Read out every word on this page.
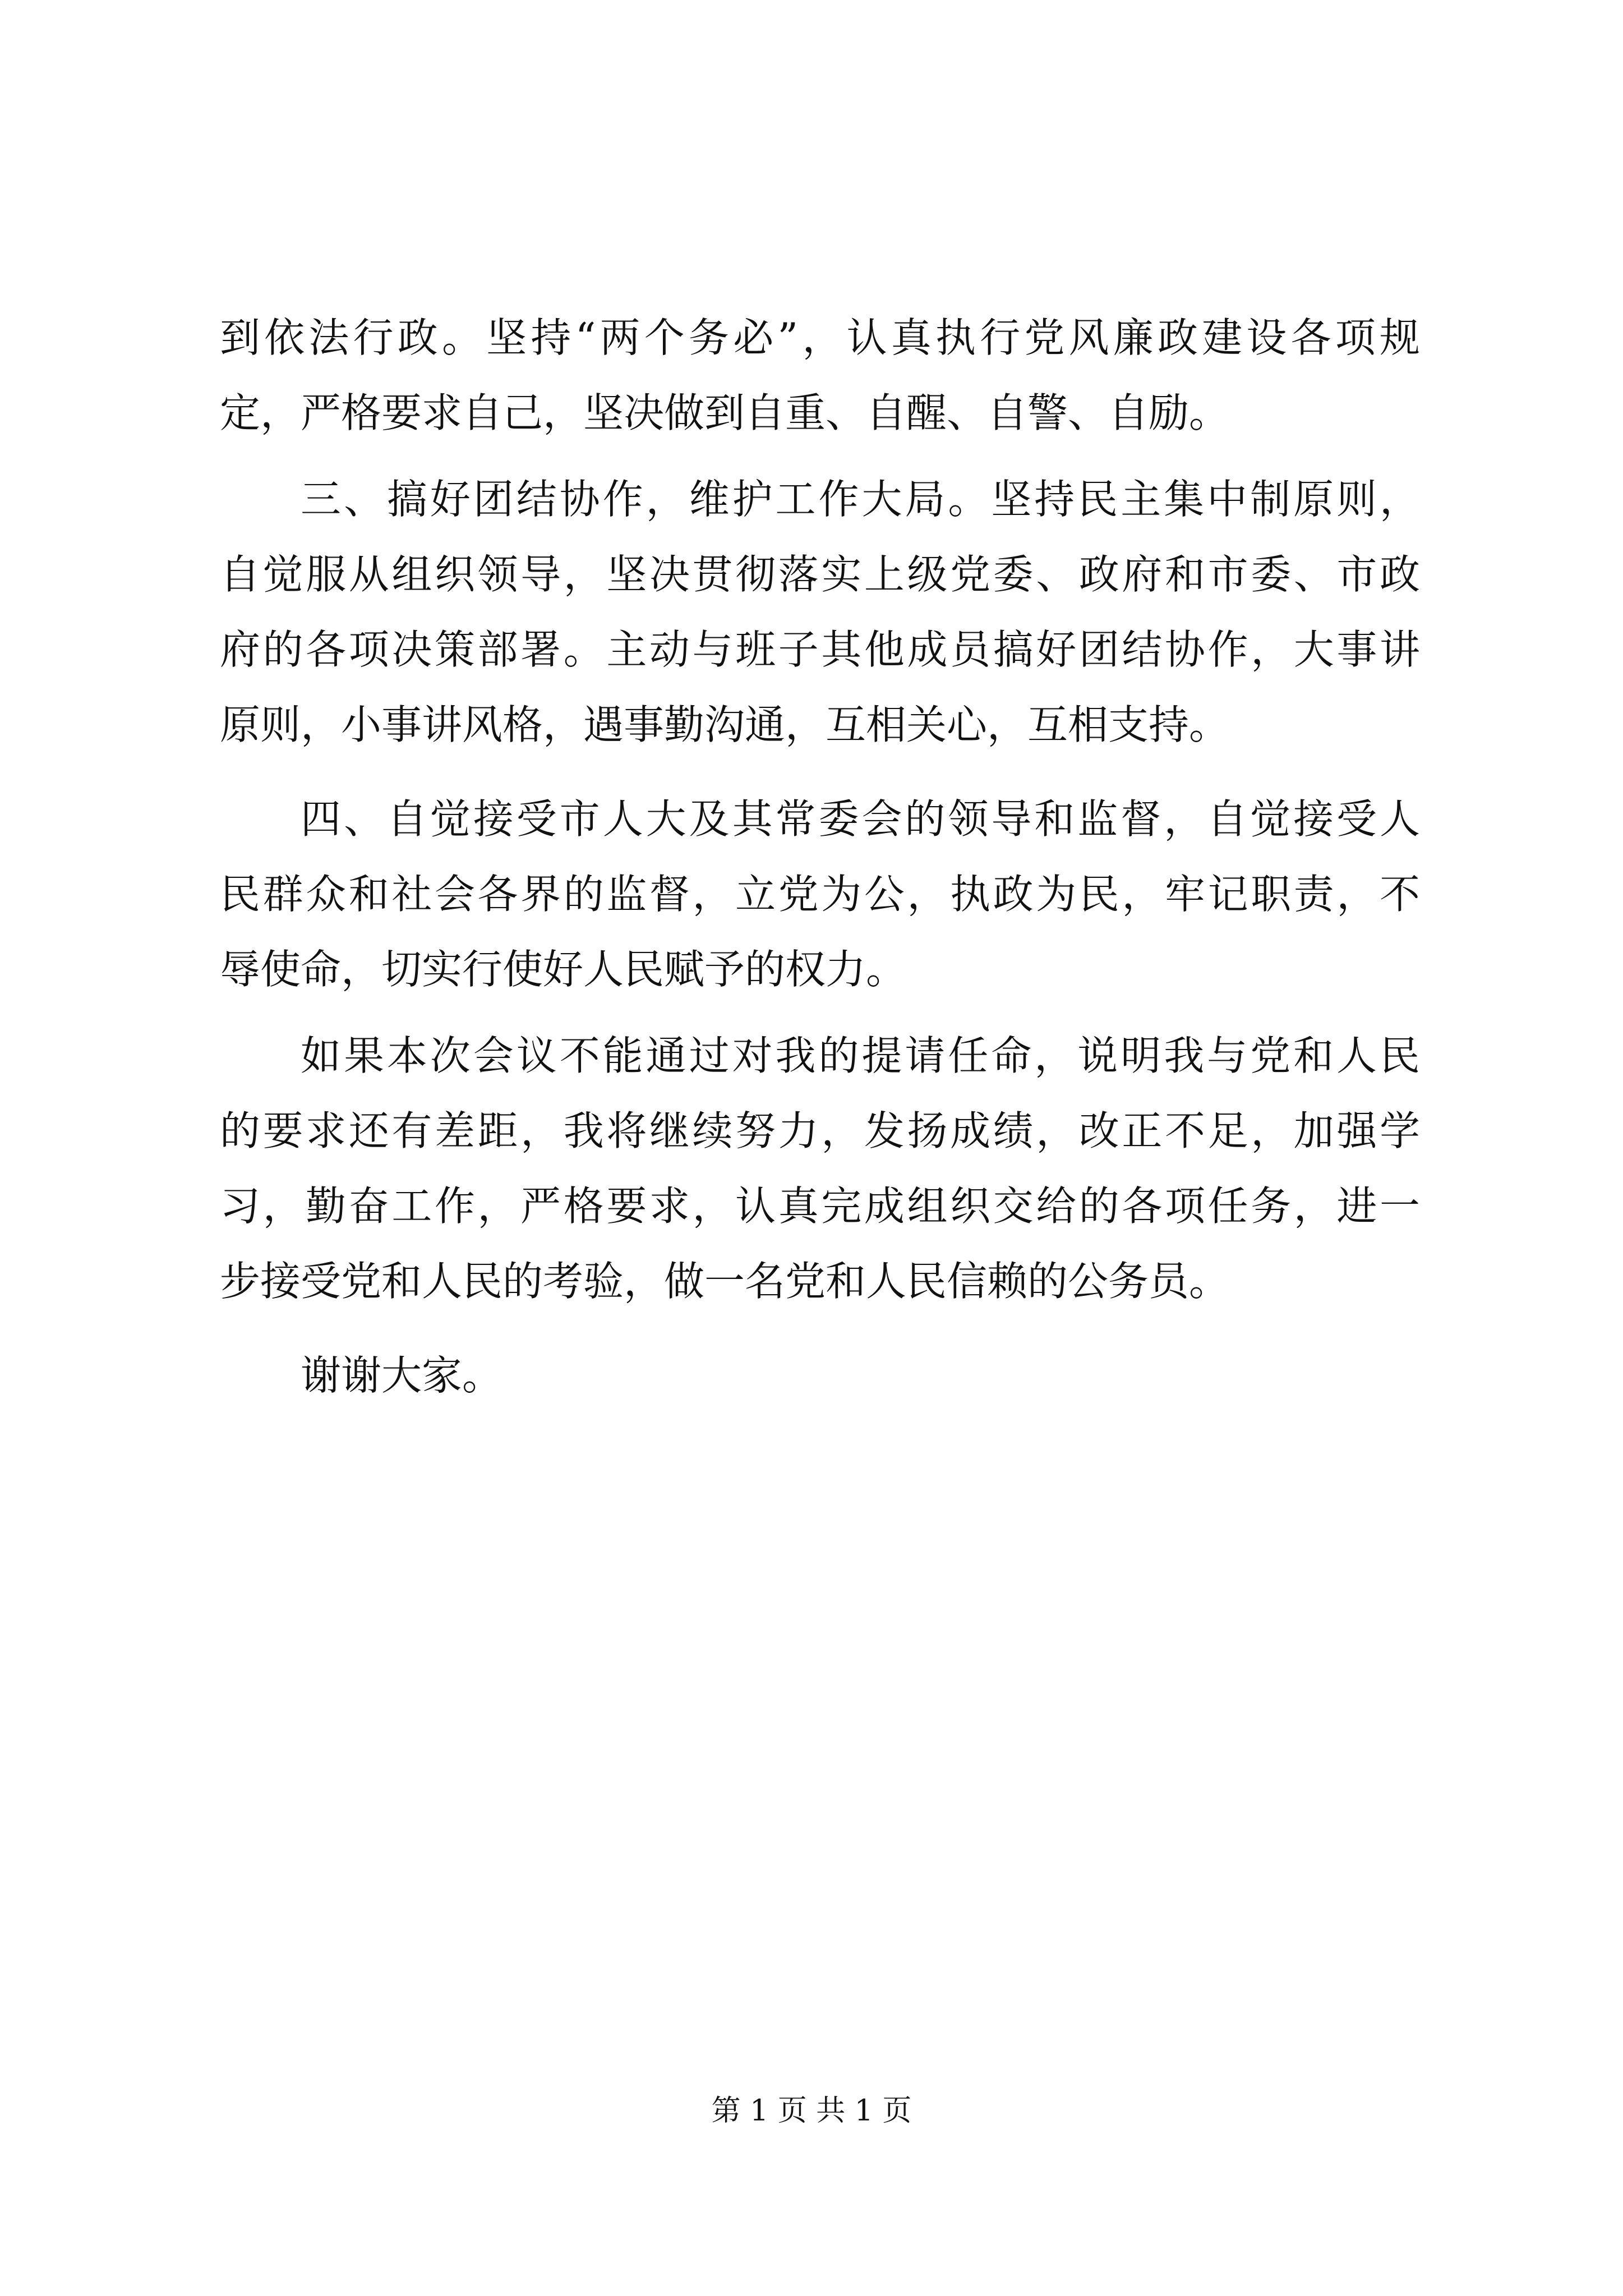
到依法行政。坚持“两个务必”，认真执行党风廉政建设各项规

定，严格要求自己，坚决做到自重、自醒、自警、自励。

三、搞好团结协作，维护工作大局。坚持民主集中制原则，

自觉服从组织领导，坚决贯彻落实上级党委、政府和市委、市政

府的各项决策部署。主动与班子其他成员搞好团结协作，大事讲

原则，小事讲风格，遇事勤沟通，互相关心，互相支持。

四、自觉接受市人大及其常委会的领导和监督，自觉接受人

民群众和社会各界的监督，立党为公，执政为民，牢记职责，不

辱使命，切实行使好人民赋予的权力。

如果本次会议不能通过对我的提请任命，说明我与党和人民

的要求还有差距，我将继续努力，发扬成绩，改正不足，加强学

习，勤奋工作，严格要求，认真完成组织交给的各项任务，进一

步接受党和人民的考验，做一名党和人民信赖的公务员。

谢谢大家。

第 1 页 共 1 页
